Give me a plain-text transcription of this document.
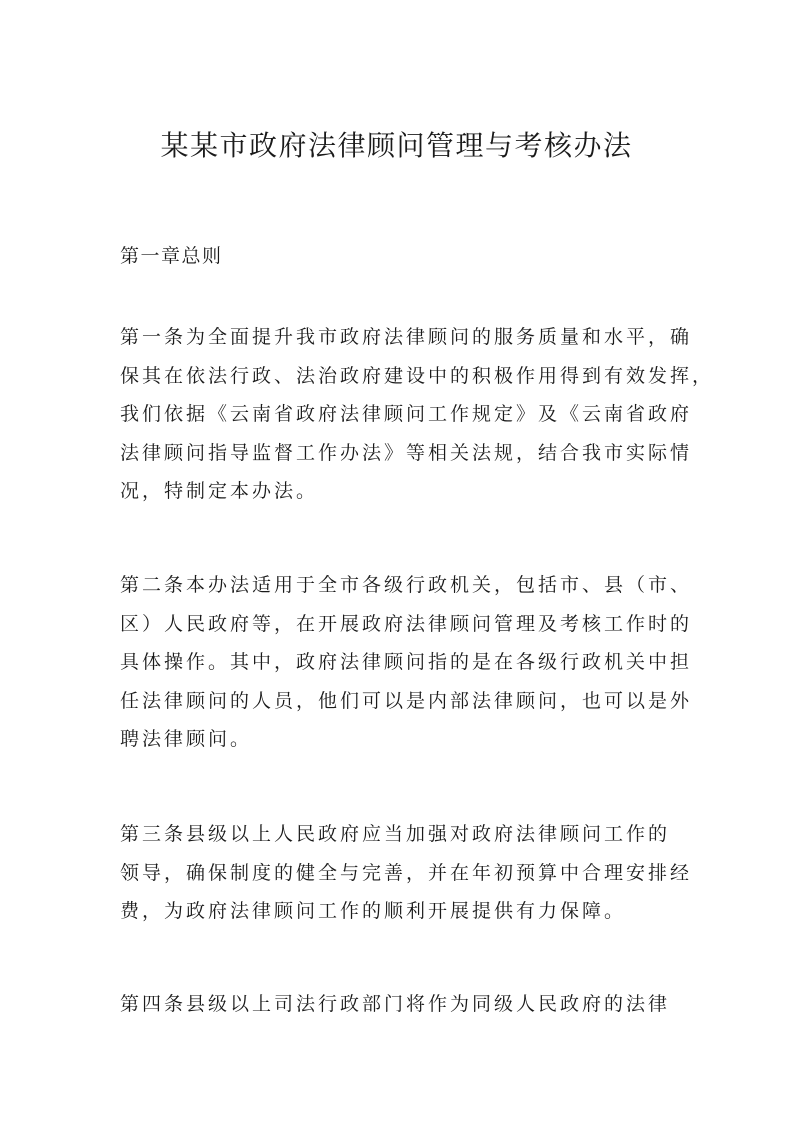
某某市政府法律顾问管理与考核办法

第一章总则

第一条为全面提升我市政府法律顾问的服务质量和水平，确
保其在依法行政、法治政府建设中的积极作用得到有效发挥，
我们依据《云南省政府法律顾问工作规定》及《云南省政府
法律顾问指导监督工作办法》等相关法规，结合我市实际情
况，特制定本办法。

第二条本办法适用于全市各级行政机关，包括市、县（市、
区）人民政府等，在开展政府法律顾问管理及考核工作时的
具体操作。其中，政府法律顾问指的是在各级行政机关中担
任法律顾问的人员，他们可以是内部法律顾问，也可以是外
聘法律顾问。

第三条县级以上人民政府应当加强对政府法律顾问工作的
领导，确保制度的健全与完善，并在年初预算中合理安排经
费，为政府法律顾问工作的顺利开展提供有力保障。

第四条县级以上司法行政部门将作为同级人民政府的法律
